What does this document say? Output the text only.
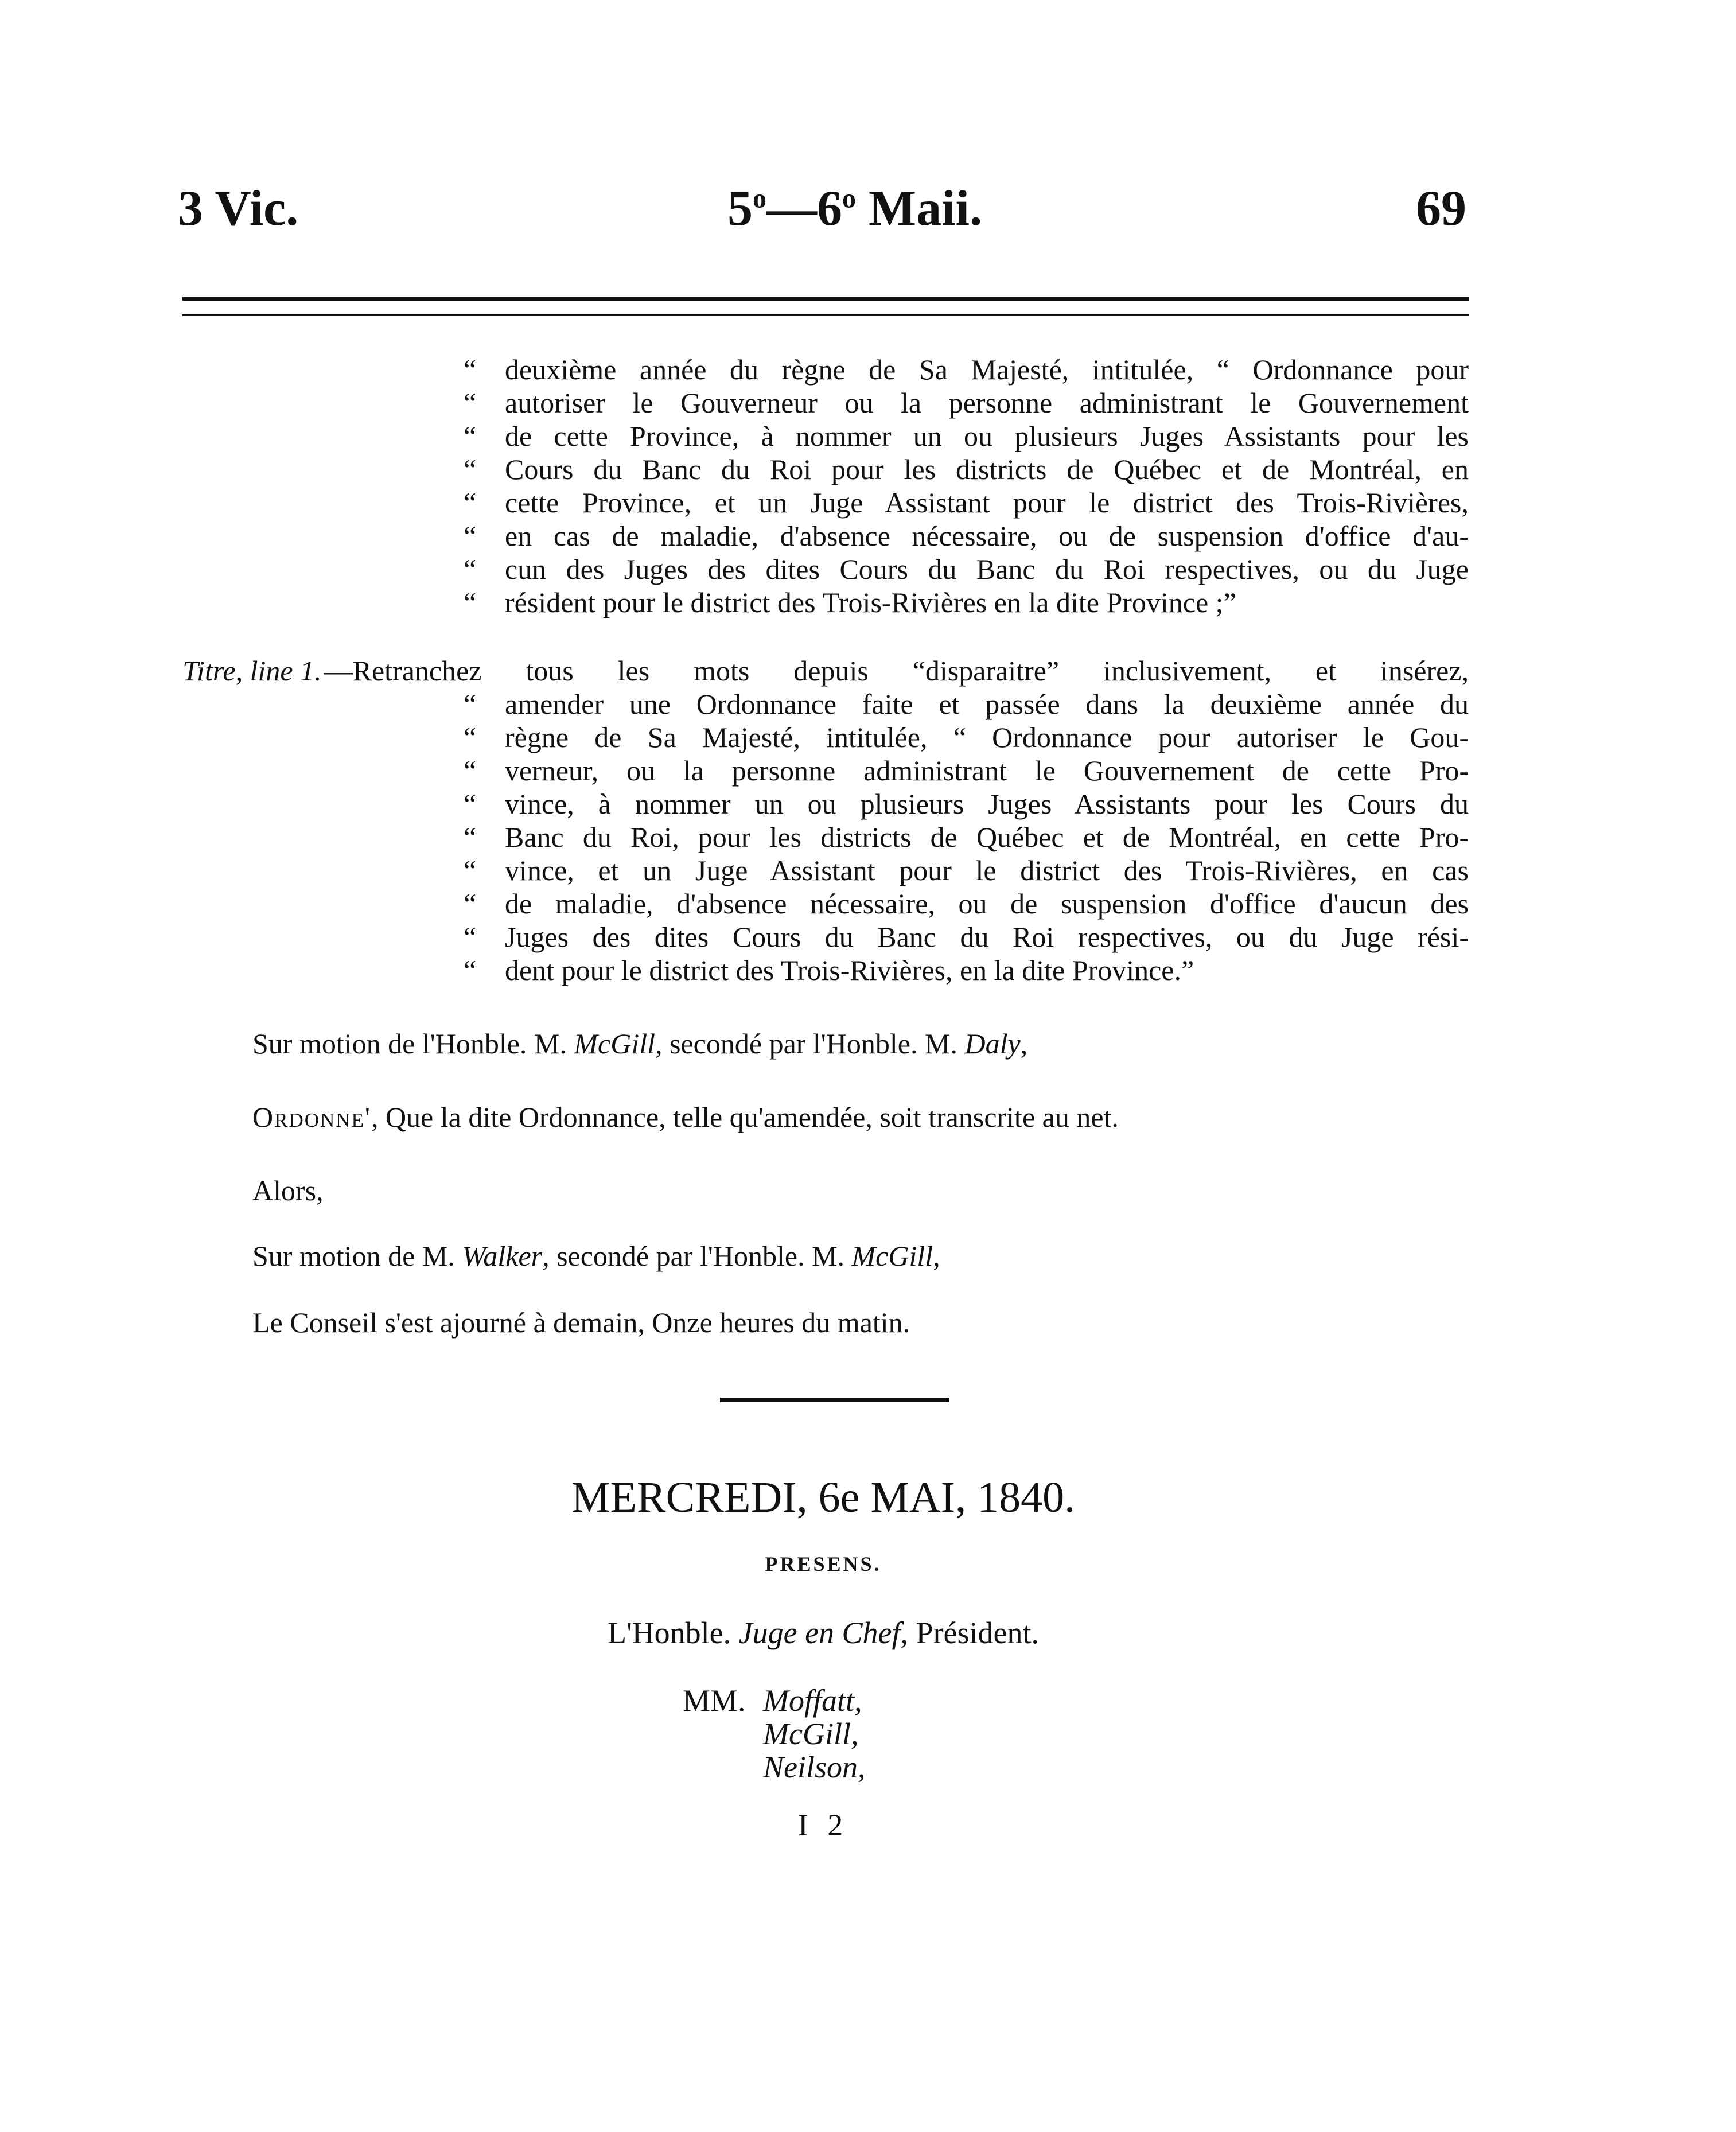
3 Vic.	5$^o$—6$^o$ Maii.	69
“ deuxième année du règne de Sa Majesté, intitulée, “ Ordonnance pour
“ autoriser le Gouverneur ou la personne administrant le Gouvernement
“ de cette Province, à nommer un ou plusieurs Juges Assistants pour les
“ Cours du Banc du Roi pour les districts de Québec et de Montréal, en
“ cette Province, et un Juge Assistant pour le district des Trois-Rivières,
“ en cas de maladie, d'absence nécessaire, ou de suspension d'office d'au-
“ cun des Juges des dites Cours du Banc du Roi respectives, ou du Juge
“ résident pour le district des Trois-Rivières en la dite Province ;”
Titre, line 1. —Retranchez tous les mots depuis “disparaitre” inclusivement, et insérez,
“ amender une Ordonnance faite et passée dans la deuxième année du
“ règne de Sa Majesté, intitulée, “ Ordonnance pour autoriser le Gou-
“ verneur, ou la personne administrant le Gouvernement de cette Pro-
“ vince, à nommer un ou plusieurs Juges Assistants pour les Cours du
“ Banc du Roi, pour les districts de Québec et de Montréal, en cette Pro-
“ vince, et un Juge Assistant pour le district des Trois-Rivières, en cas
“ de maladie, d'absence nécessaire, ou de suspension d'office d'aucun des
“ Juges des dites Cours du Banc du Roi respectives, ou du Juge rési-
“ dent pour le district des Trois-Rivières, en la dite Province.”
Sur motion de l'Honble. M. McGill, secondé par l'Honble. M. Daly,
Ordonne', Que la dite Ordonnance, telle qu'amendée, soit transcrite au net.
Alors,
Sur motion de M. Walker, secondé par l'Honble. M. McGill,
Le Conseil s'est ajourné à demain, Onze heures du matin.
MERCREDI, 6e MAI, 1840.
PRESENS.
L'Honble. Juge en Chef, Président.
MM. Moffatt,
McGill,
Neilson,
I 2
